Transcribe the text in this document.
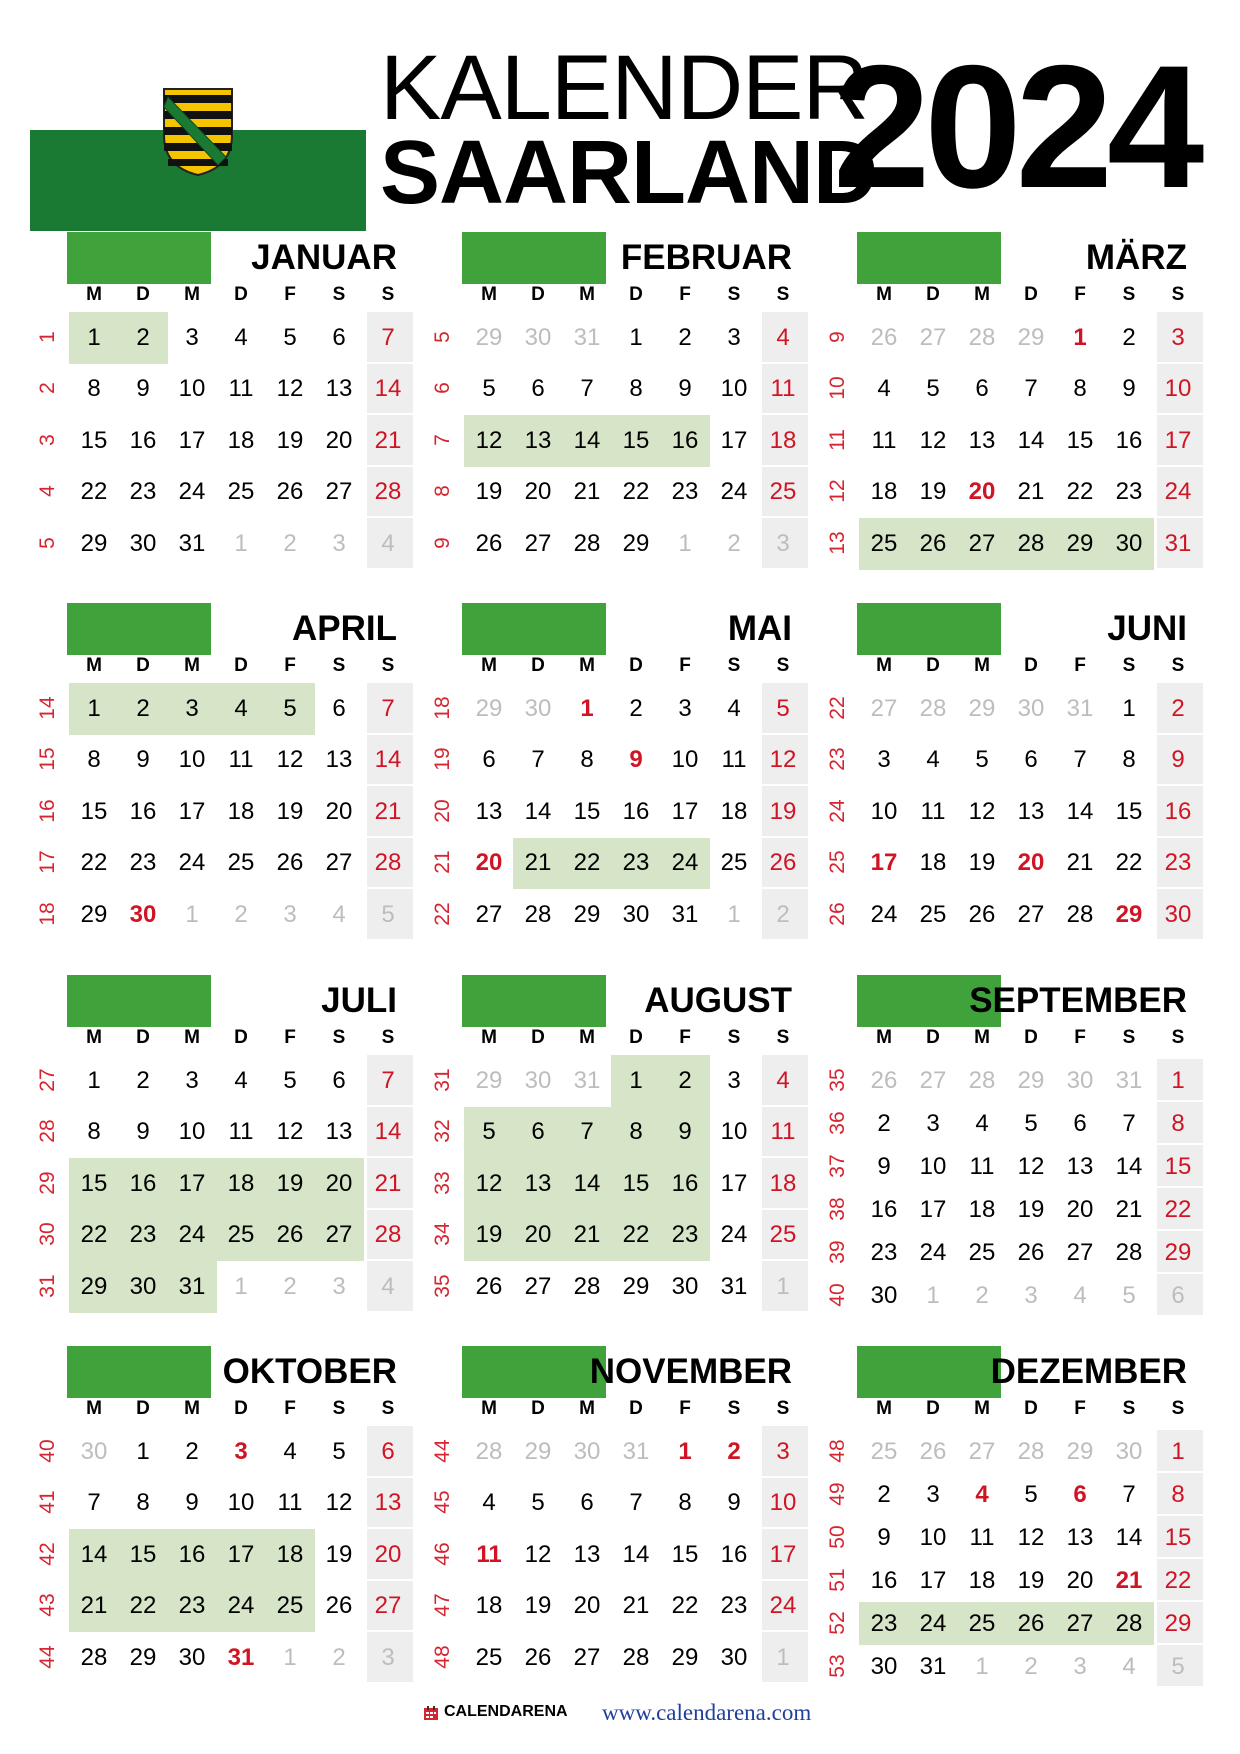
KALENDER
SAARLAND
2024
JANUAR
M	D	M	D	F	S	S
1	1	2	3	4	5	6	7
2	8	9	10 11 12 13 14
3 15 16 17 18 19 20 21
4 22 23 24 25 26 27 28
5 29 30 31	1	2	3	4
FEBRUAR
M	D	M	D	F	S	S
5 29 30 31	1	2	3	4
6	5	6	7	8	9	10 11
7 12 13 14 15 16 17 18
8 19 20 21 22 23 24 25
9 26 27 28 29	1	2	3
MÄRZ
M	D	M	D	F	S	S
9 26 27 28 29	1	2	3
10	4	5	6	7	8	9	10
11 11 12 13 14 15 16 17
12 18 19 20 21 22 23 24
13 25 26 27 28 29 30 31
APRIL
M	D	M	D	F	S	S
14	1	2	3	4	5	6	7
15	8	9	10 11 12 13 14
16 15 16 17 18 19 20 21
17 22 23 24 25 26 27 28
18 29 30	1	2	3	4	5
MAI
M	D	M	D	F	S	S
18 29 30	1	2	3	4	5
19	6	7	8	9	10 11 12
20 13 14 15 16 17 18 19
21 20 21 22 23 24 25 26
22 27 28 29 30 31	1	2
JUNI
M	D	M	D	F	S	S
22 27 28 29 30 31	1	2
23	3	4	5	6	7	8	9
24 10 11 12 13 14 15 16
25 17 18 19 20 21 22 23
26 24 25 26 27 28 29 30
JULI
M	D	M	D	F	S	S
27	1	2	3	4	5	6	7
28	8	9	10 11 12 13 14
29 15 16 17 18 19 20 21
30 22 23 24 25 26 27 28
31 29 30 31	1	2	3	4
AUGUST
M	D	M	D	F	S	S
31 29 30 31	1	2	3	4
32	5	6	7	8	9	10 11
33 12 13 14 15 16 17 18
34 19 20 21 22 23 24 25
35 26 27 28 29 30 31	1
SEPTEMBER
M	D	M	D	F	S	S
35 26 27 28 29 30 31	1
36	2	3	4	5	6	7	8
37	9	10 11 12 13 14 15
38 16 17 18 19 20 21 22
39 23 24 25 26 27 28 29
40 30	1	2	3	4	5	6
OKTOBER
M	D	M	D	F	S	S
40 30	1	2	3	4	5	6
41	7	8	9	10 11 12 13
42 14 15 16 17 18 19 20
43 21 22 23 24 25 26 27
44 28 29 30 31	1	2	3
NOVEMBER
M	D	M	D	F	S	S
44 28 29 30 31	1	2	3
45	4	5	6	7	8	9	10
46 11 12 13 14 15 16 17
47 18 19 20 21 22 23 24
48 25 26 27 28 29 30	1
DEZEMBER
M	D	M	D	F	S	S
48 25 26 27 28 29 30	1
49	2	3	4	5	6	7	8
50	9	10 11 12 13 14 15
51 16 17 18 19 20 21 22
52 23 24 25 26 27 28 29
53 30 31	1	2	3	4	5
CALENDARENA www.calendarena.com
